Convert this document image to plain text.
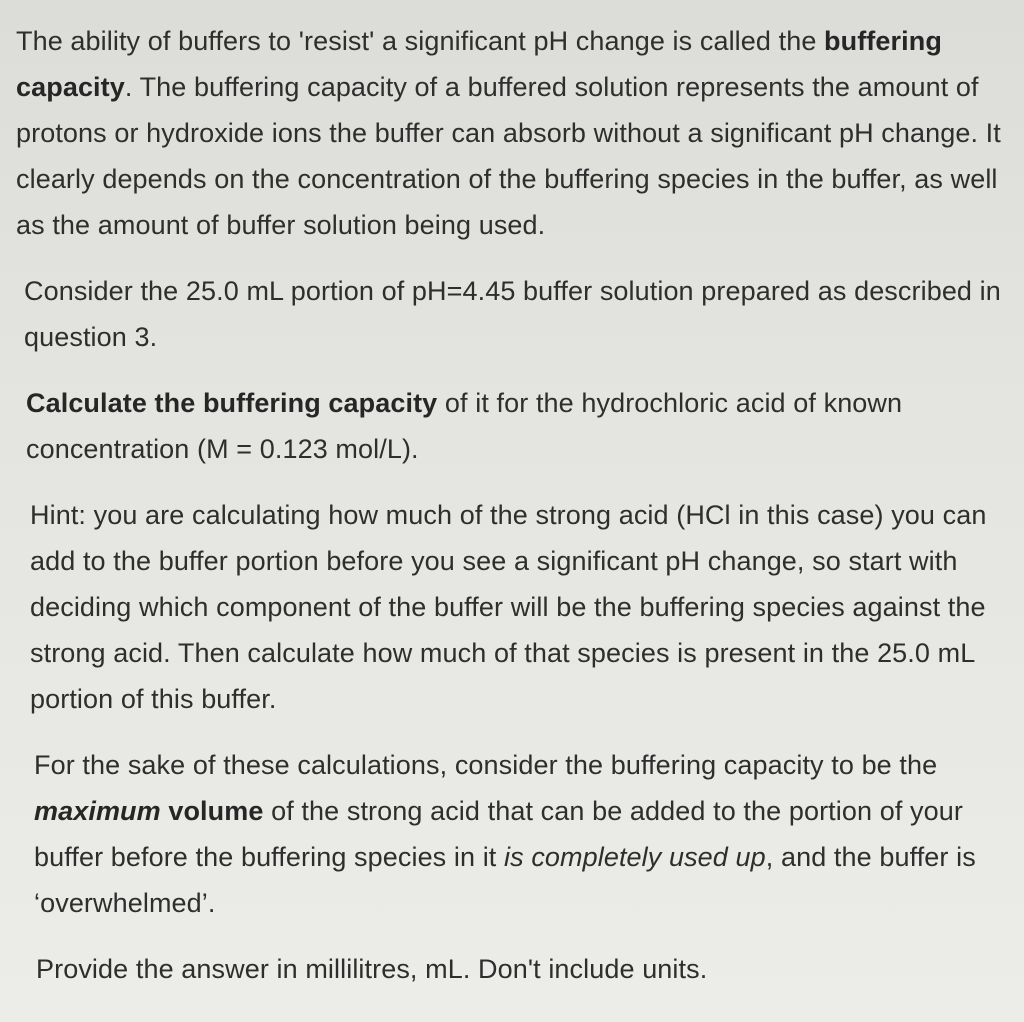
The ability of buffers to 'resist' a significant pH change is called the buffering capacity. The buffering capacity of a buffered solution represents the amount of protons or hydroxide ions the buffer can absorb without a significant pH change. It clearly depends on the concentration of the buffering species in the buffer, as well as the amount of buffer solution being used.

Consider the 25.0 mL portion of pH=4.45 buffer solution prepared as described in question 3.

Calculate the buffering capacity of it for the hydrochloric acid of known concentration (M = 0.123 mol/L).

Hint: you are calculating how much of the strong acid (HCl in this case) you can add to the buffer portion before you see a significant pH change, so start with deciding which component of the buffer will be the buffering species against the strong acid. Then calculate how much of that species is present in the 25.0 mL portion of this buffer.

For the sake of these calculations, consider the buffering capacity to be the maximum volume of the strong acid that can be added to the portion of your buffer before the buffering species in it is completely used up, and the buffer is ‘overwhelmed’.

Provide the answer in millilitres, mL. Don't include units.
